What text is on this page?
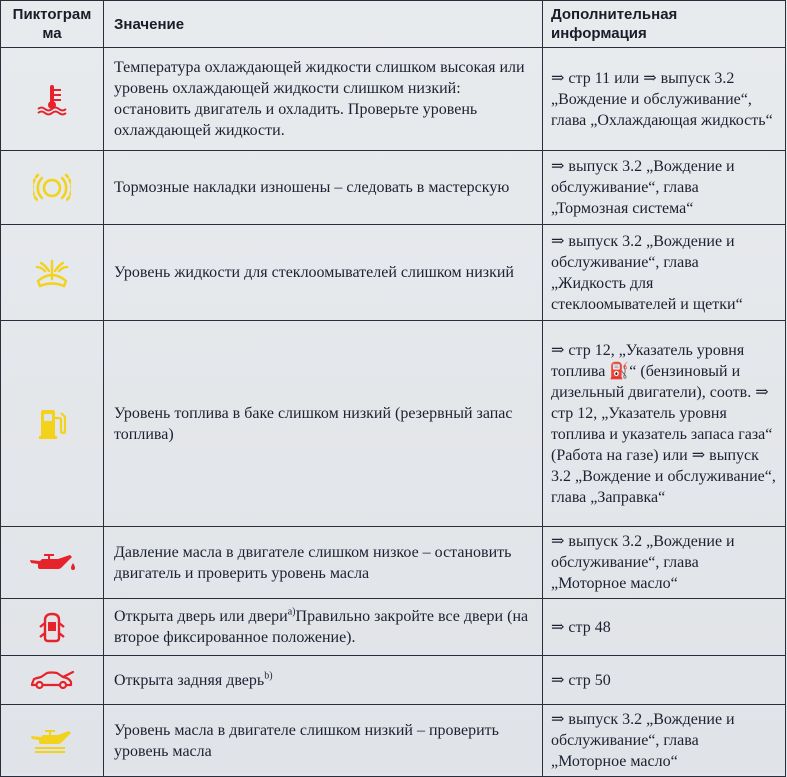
Пиктограм ма	Значение	Дополнительная информация

Температура охлаждающей жидкости слишком высокая или уровень охлаждающей жидкости слишком низкий: остановить двигатель и охладить. Проверьте уровень охлаждающей жидкости.	⇒ стр 11 или ⇒ выпуск 3.2 „Вождение и обслуживание“, глава „Охлаждающая жидкость“

Тормозные накладки изношены – следовать в мастерскую	⇒ выпуск 3.2 „Вождение и обслуживание“, глава „Тормозная система“

Уровень жидкости для стеклоомывателей слишком низкий	⇒ выпуск 3.2 „Вождение и обслуживание“, глава „Жидкость для стеклоомывателей и щетки“

Уровень топлива в баке слишком низкий (резервный запас топлива)	⇒ стр 12, „Указатель уровня топлива ⛽“ (бензиновый и дизельный двигатели), соотв. ⇒ стр 12, „Указатель уровня топлива и указатель запаса газа“ (Работа на газе) или ⇒ выпуск 3.2 „Вождение и обслуживание“, глава „Заправка“

Давление масла в двигателе слишком низкое – остановить двигатель и проверить уровень масла	⇒ выпуск 3.2 „Вождение и обслуживание“, глава „Моторное масло“

Открыта дверь или двери$^{a)}$Правильно закройте все двери (на второе фиксированное положение).	⇒ стр 48

Открыта задняя дверь$^{b)}$	⇒ стр 50

Уровень масла в двигателе слишком низкий – проверить уровень масла	⇒ выпуск 3.2 „Вождение и обслуживание“, глава „Моторное масло“
